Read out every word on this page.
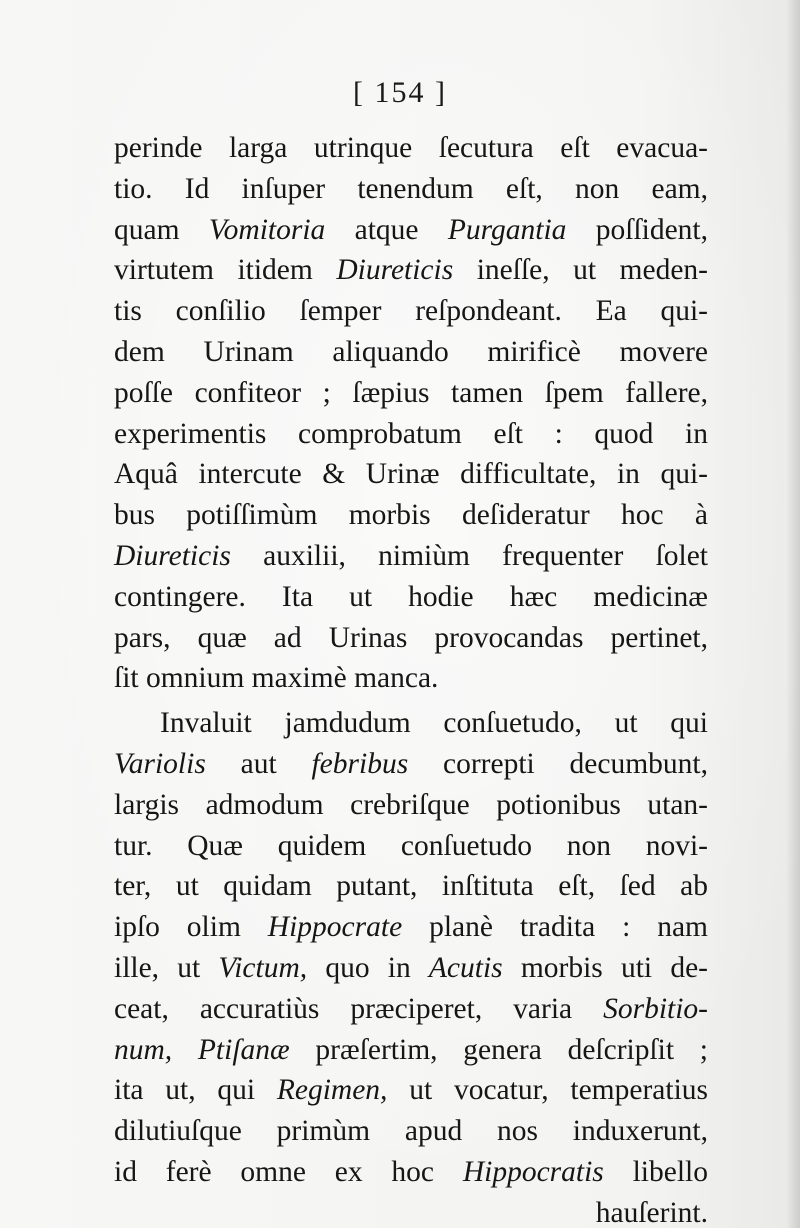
[ 154 ]
perinde larga utrinque ſecutura eſt evacua-
tio. Id inſuper tenendum eſt, non eam,
quam Vomitoria atque Purgantia poſſident,
virtutem itidem Diureticis ineſſe, ut meden-
tis conſilio ſemper reſpondeant. Ea qui-
dem Urinam aliquando mirificè movere
poſſe confiteor ; ſæpius tamen ſpem fallere,
experimentis comprobatum eſt : quod in
Aquâ intercute & Urinæ difficultate, in qui-
bus potiſſimùm morbis deſideratur hoc à
Diureticis auxilii, nimiùm frequenter ſolet
contingere. Ita ut hodie hæc medicinæ
pars, quæ ad Urinas provocandas pertinet,
ſit omnium maximè manca.
Invaluit jamdudum conſuetudo, ut qui
Variolis aut febribus correpti decumbunt,
largis admodum crebriſque potionibus utan-
tur. Quæ quidem conſuetudo non novi-
ter, ut quidam putant, inſtituta eſt, ſed ab
ipſo olim Hippocrate planè tradita : nam
ille, ut Victum, quo in Acutis morbis uti de-
ceat, accuratiùs præciperet, varia Sorbitio-
num, Ptiſanæ præſertim, genera deſcripſit ;
ita ut, qui Regimen, ut vocatur, temperatius
dilutiuſque primùm apud nos induxerunt,
id ferè omne ex hoc Hippocratis libello
hauſerint.
